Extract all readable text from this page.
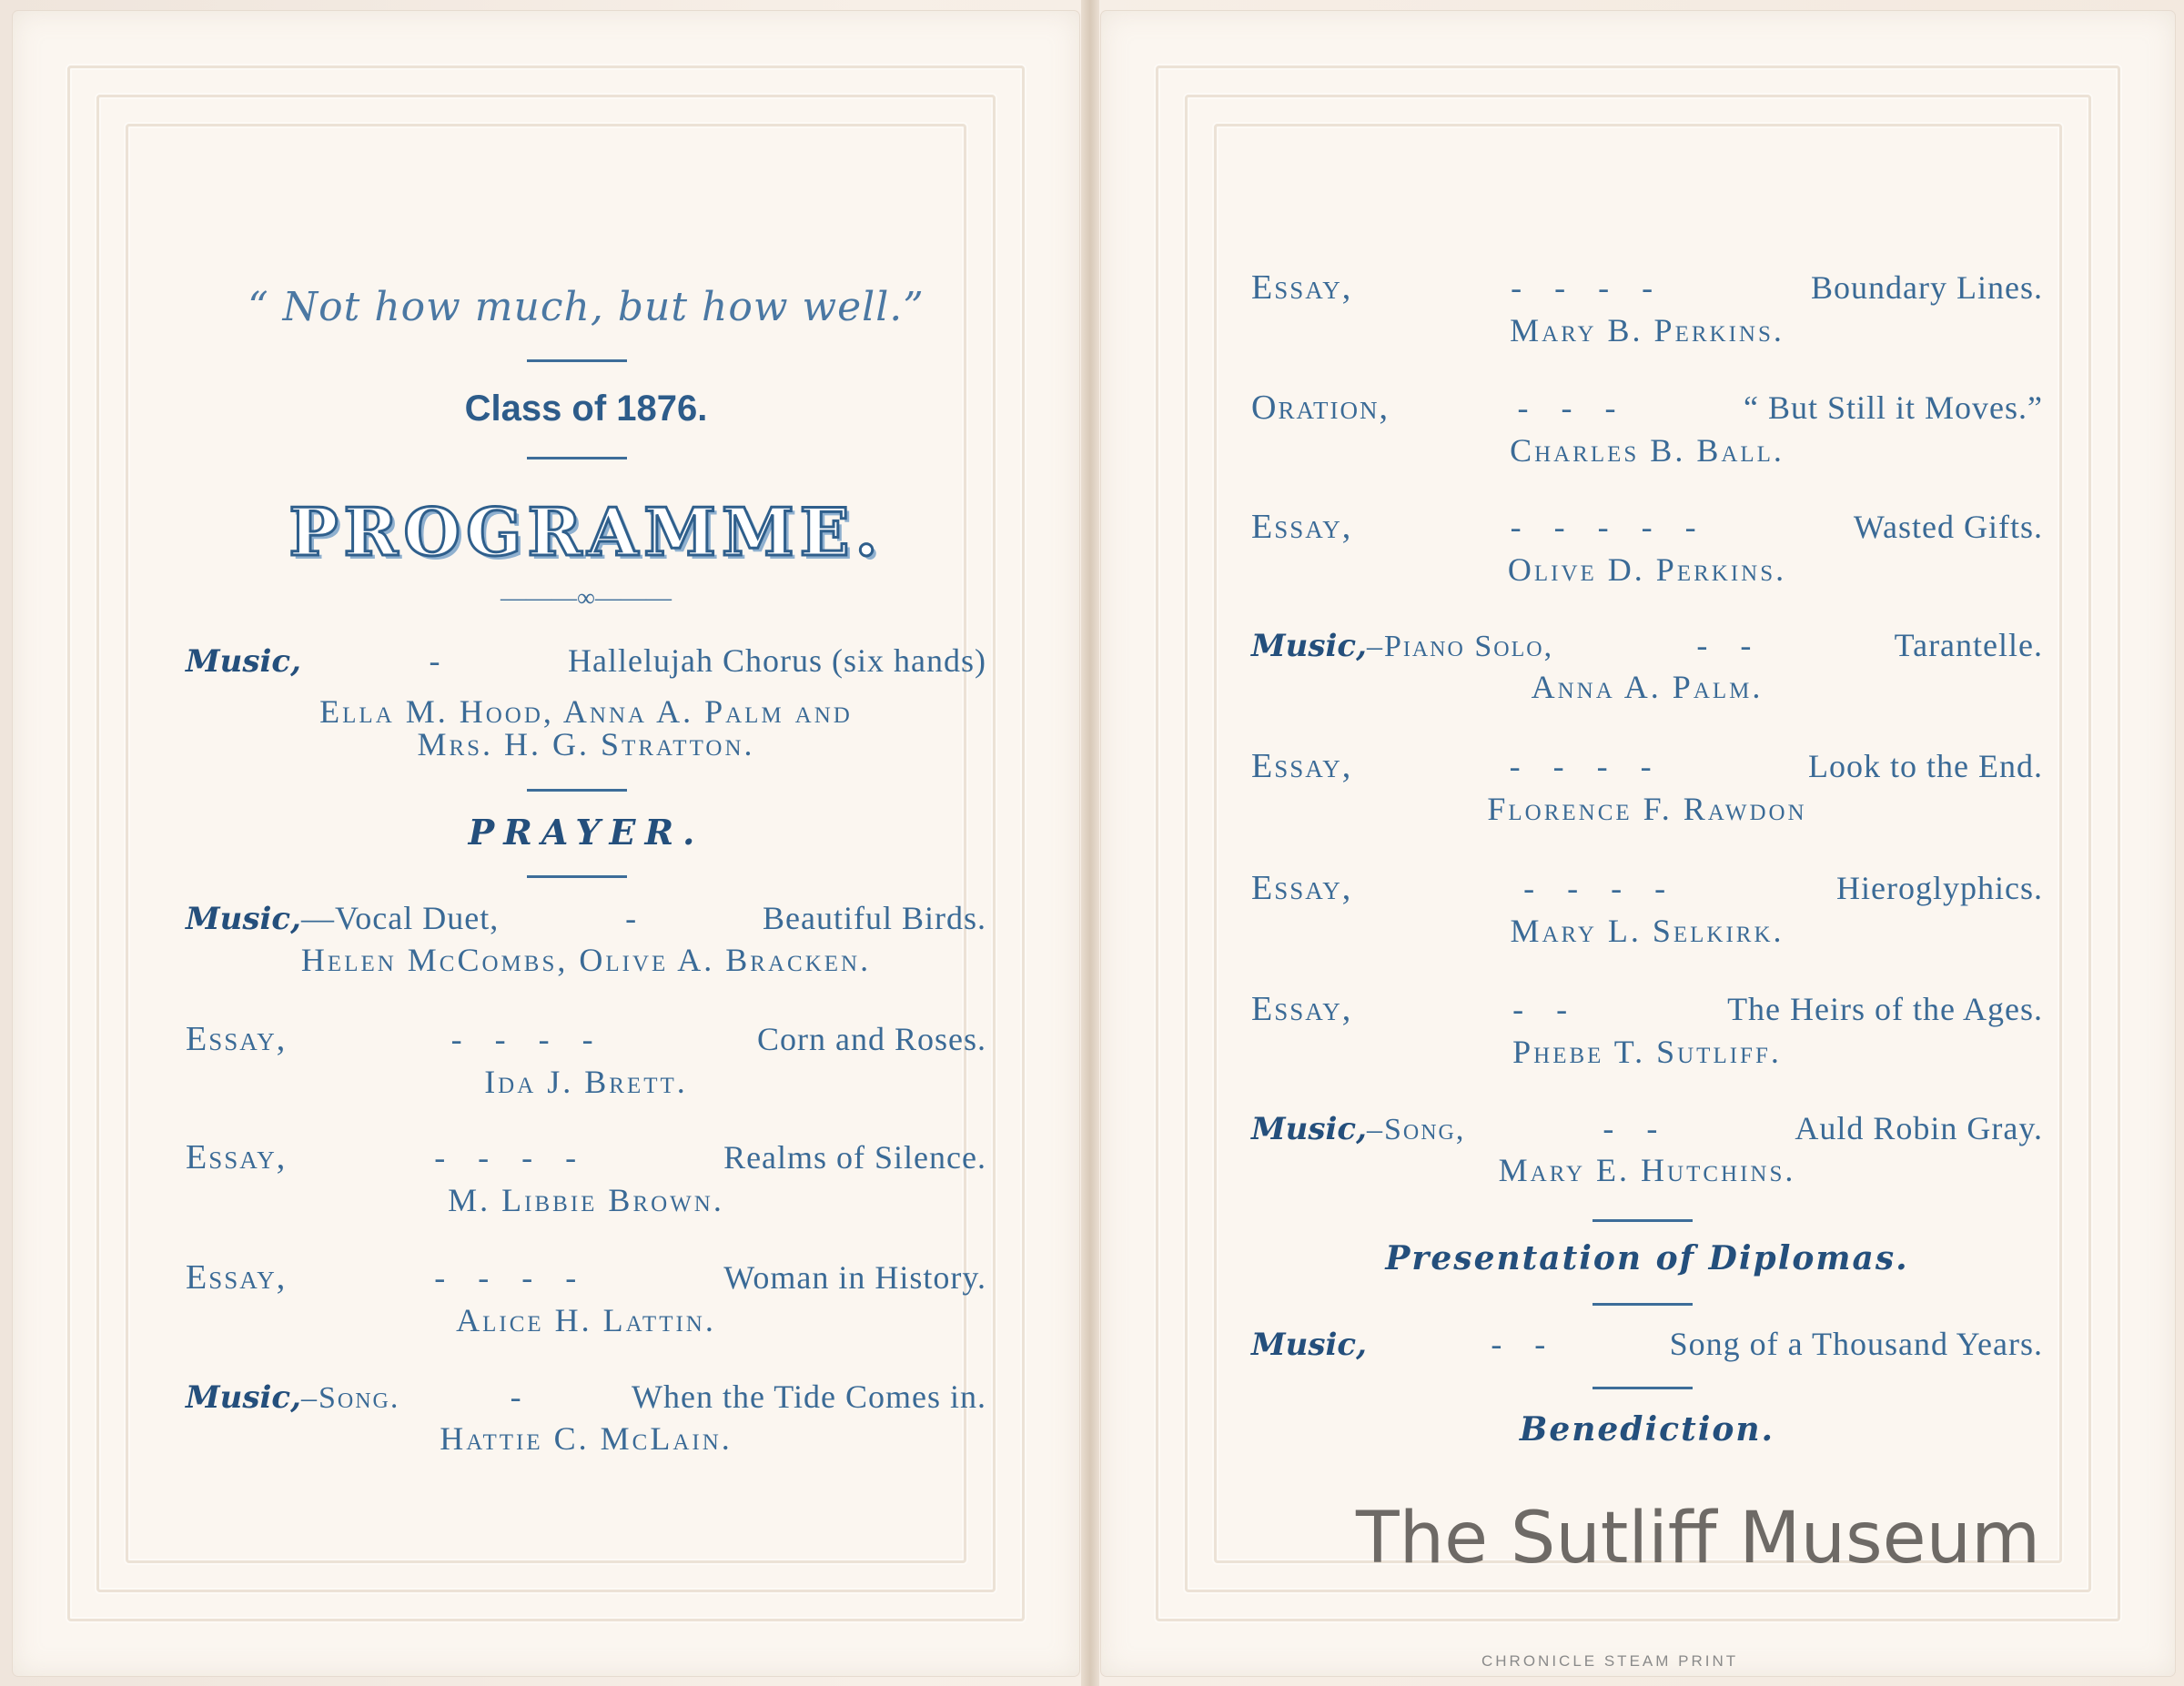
“ Not how much, but how well.”
Class of 1876.
PROGRAMME.
———∞———
Music,	-	Hallelujah Chorus (six hands)
Ella M. Hood, Anna A. Palm and
Mrs. H. G. Stratton.
PRAYER.
Music,—Vocal Duet,	-	Beautiful Birds.
Helen McCombs, Olive A. Bracken.
Essay,	-    -    -    -	Corn and Roses.
Ida J. Brett.
Essay,	-    -    -    -	Realms of Silence.
M. Libbie Brown.
Essay,	-    -    -    -	Woman in History.
Alice H. Lattin.
Music,–Song.	-	When the Tide Comes in.
Hattie C. McLain.
Essay,	-    -    -    -	Boundary Lines.
Mary B. Perkins.
Oration,	-    -    -	“ But Still it Moves.”
Charles B. Ball.
Essay,	-    -    -    -    -	Wasted Gifts.
Olive D. Perkins.
Music,–Piano Solo,	-    -	Tarantelle.
Anna A. Palm.
Essay,	-    -    -    -	Look to the End.
Florence F. Rawdon
Essay,	-    -    -    -	Hieroglyphics.
Mary L. Selkirk.
Essay,	-    -	The Heirs of the Ages.
Phebe T. Sutliff.
Music,–Song,	-    -	Auld Robin Gray.
Mary E. Hutchins.
Presentation of Diplomas.
Music,	-    -	Song of a Thousand Years.
Benediction.
The Sutliff Museum
CHRONICLE STEAM PRINT
